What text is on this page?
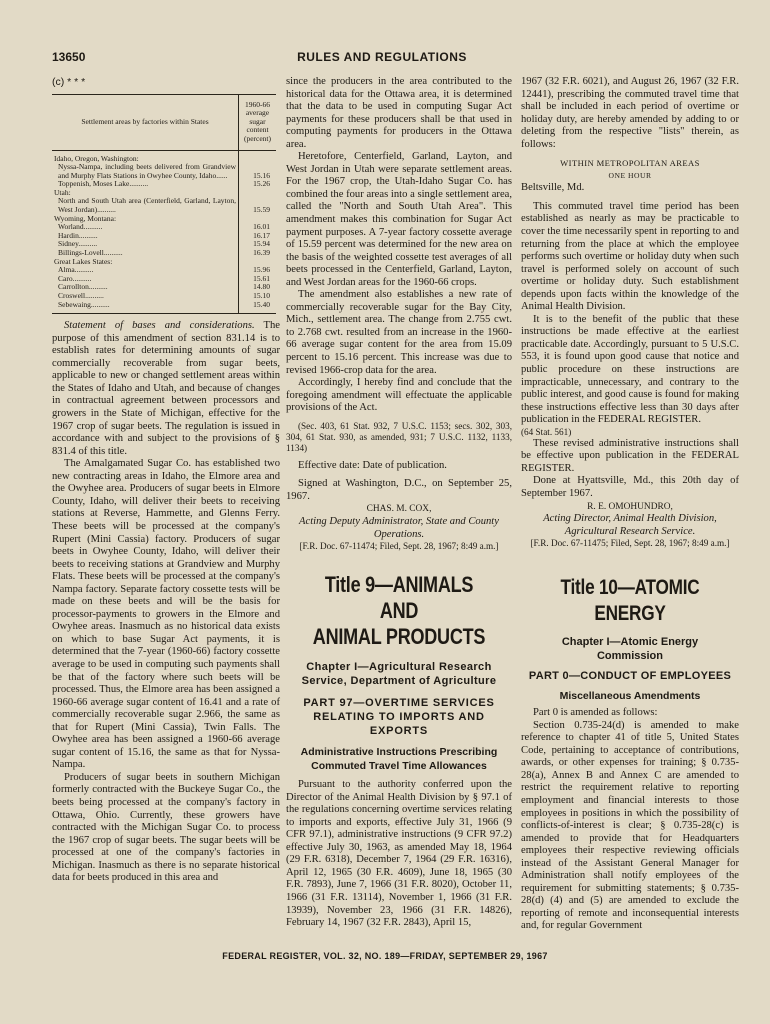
13650	RULES AND REGULATIONS
(c) * * *
Settlement areas by factories within States	1960-66 average sugar content (percent)
Idaho, Oregon, Washington:	
Nyssa-Nampa, including beets delivered from Grandview and Murphy Flats Stations in Owyhee County, Idaho......	15.16
Toppenish, Moses Lake..........	15.26
Utah:	
North and South Utah area (Centerfield, Garland, Layton, West Jordan)..........	15.59
Wyoming, Montana:	
Worland..........	16.01
Hardin..........	16.17
Sidney..........	15.94
Billings-Lovell..........	16.39
Great Lakes States:	
Alma..........	15.96
Caro..........	15.61
Carrollton..........	14.80
Croswell..........	15.10
Sebewaing..........	15.40

Statement of bases and considerations. The purpose of this amendment of section 831.14 is to establish rates for determining amounts of sugar commercially recoverable from sugar beets, applicable to new or changed settlement areas within the States of Idaho and Utah, and because of changes in contractual agreement between processors and growers in the State of Michigan, effective for the 1967 crop of sugar beets. The regulation is issued in accordance with and subject to the provisions of § 831.4 of this title.

The Amalgamated Sugar Co. has established two new contracting areas in Idaho, the Elmore area and the Owyhee area. Producers of sugar beets in Elmore County, Idaho, will deliver their beets to receiving stations at Reverse, Hammette, and Glenns Ferry. These beets will be processed at the company's Rupert (Mini Cassia) factory. Producers of sugar beets in Owyhee County, Idaho, will deliver their beets to receiving stations at Grandview and Murphy Flats. These beets will be processed at the company's Nampa factory. Separate factory cossette tests will be made on these beets and will be the basis for processor-payments to growers in the Elmore and Owyhee areas. Inasmuch as no historical data exists on which to base Sugar Act payments, it is determined that the 7-year (1960-66) factory cossette average to be used in computing such payments shall be that of the factory where such beets will be processed. Thus, the Elmore area has been assigned a 1960-66 average sugar content of 16.41 and a rate of commercially recoverable sugar 2.966, the same as that for Rupert (Mini Cassia), Twin Falls. The Owyhee area has been assigned a 1960-66 average sugar content of 15.16, the same as that for Nyssa-Nampa.

Producers of sugar beets in southern Michigan formerly contracted with the Buckeye Sugar Co., the beets being processed at the company's factory in Ottawa, Ohio. Currently, these growers have contracted with the Michigan Sugar Co. to process the 1967 crop of sugar beets. The sugar beets will be processed at one of the company's factories in Michigan. Inasmuch as there is no separate historical data for beets produced in this area and

since the producers in the area contributed to the historical data for the Ottawa area, it is determined that the data to be used in computing Sugar Act payments for these producers shall be that used in computing payments for producers in the Ottawa area.

Heretofore, Centerfield, Garland, Layton, and West Jordan in Utah were separate settlement areas. For the 1967 crop, the Utah-Idaho Sugar Co. has combined the four areas into a single settlement area, called the "North and South Utah Area". This amendment makes this combination for Sugar Act payment purposes. A 7-year factory cossette average of 15.59 percent was determined for the new area on the basis of the weighted cossette test averages of all beets processed in the Centerfield, Garland, Layton, and West Jordan areas for the 1960-66 crops.

The amendment also establishes a new rate of commercially recoverable sugar for the Bay City, Mich., settlement area. The change from 2.755 cwt. to 2.768 cwt. resulted from an increase in the 1960-66 average sugar content for the area from 15.09 percent to 15.16 percent. This increase was due to revised 1966-crop data for the area.

Accordingly, I hereby find and conclude that the foregoing amendment will effectuate the applicable provisions of the Act.

(Sec. 403, 61 Stat. 932, 7 U.S.C. 1153; secs. 302, 303, 304, 61 Stat. 930, as amended, 931; 7 U.S.C. 1132, 1133, 1134)

Effective date: Date of publication.

Signed at Washington, D.C., on September 25, 1967.

CHAS. M. COX,

Acting Deputy Administrator, State and County Operations.

[F.R. Doc. 67-11474; Filed, Sept. 28, 1967; 8:49 a.m.]

Title 9—ANIMALS AND
ANIMAL PRODUCTS
Chapter I—Agricultural Research Service, Department of Agriculture
PART 97—OVERTIME SERVICES RELATING TO IMPORTS AND EXPORTS
Administrative Instructions Prescribing Commuted Travel Time Allowances

Pursuant to the authority conferred upon the Director of the Animal Health Division by § 97.1 of the regulations concerning overtime services relating to imports and exports, effective July 31, 1966 (9 CFR 97.1), administrative instructions (9 CFR 97.2) effective July 30, 1963, as amended May 18, 1964 (29 F.R. 6318), December 7, 1964 (29 F.R. 16316), April 12, 1965 (30 F.R. 4609), June 18, 1965 (30 F.R. 7893), June 7, 1966 (31 F.R. 8020), October 11, 1966 (31 F.R. 13114), November 1, 1966 (31 F.R. 13939), November 23, 1966 (31 F.R. 14826), February 14, 1967 (32 F.R. 2843), April 15,

1967 (32 F.R. 6021), and August 26, 1967 (32 F.R. 12441), prescribing the commuted travel time that shall be included in each period of overtime or holiday duty, are hereby amended by adding to or deleting from the respective "lists" therein, as follows:

WITHIN METROPOLITAN AREAS

ONE HOUR

Beltsville, Md.

This commuted travel time period has been established as nearly as may be practicable to cover the time necessarily spent in reporting to and returning from the place at which the employee performs such overtime or holiday duty when such travel is performed solely on account of such overtime or holiday duty. Such establishment depends upon facts within the knowledge of the Animal Health Division.

It is to the benefit of the public that these instructions be made effective at the earliest practicable date. Accordingly, pursuant to 5 U.S.C. 553, it is found upon good cause that notice and public procedure on these instructions are impracticable, unnecessary, and contrary to the public interest, and good cause is found for making these instructions effective less than 30 days after publication in the FEDERAL REGISTER.

(64 Stat. 561)

These revised administrative instructions shall be effective upon publication in the FEDERAL REGISTER.

Done at Hyattsville, Md., this 20th day of September 1967.

R. E. OMOHUNDRO,

Acting Director, Animal Health Division, Agricultural Research Service.

[F.R. Doc. 67-11475; Filed, Sept. 28, 1967; 8:49 a.m.]

Title 10—ATOMIC ENERGY
Chapter I—Atomic Energy Commission
PART 0—CONDUCT OF EMPLOYEES
Miscellaneous Amendments

Part 0 is amended as follows:

Section 0.735-24(d) is amended to make reference to chapter 41 of title 5, United States Code, pertaining to acceptance of contributions, awards, or other expenses for training; § 0.735-28(a), Annex B and Annex C are amended to restrict the requirement relative to reporting employment and financial interests to those employees in positions in which the possibility of conflicts-of-interest is clear; § 0.735-28(c) is amended to provide that for Headquarters employees their respective reviewing officials instead of the Assistant General Manager for Administration shall notify employees of the requirement for submitting statements; § 0.735-28(d) (4) and (5) are amended to exclude the reporting of remote and inconsequential interests and, for regular Government

FEDERAL REGISTER, VOL. 32, NO. 189—FRIDAY, SEPTEMBER 29, 1967
